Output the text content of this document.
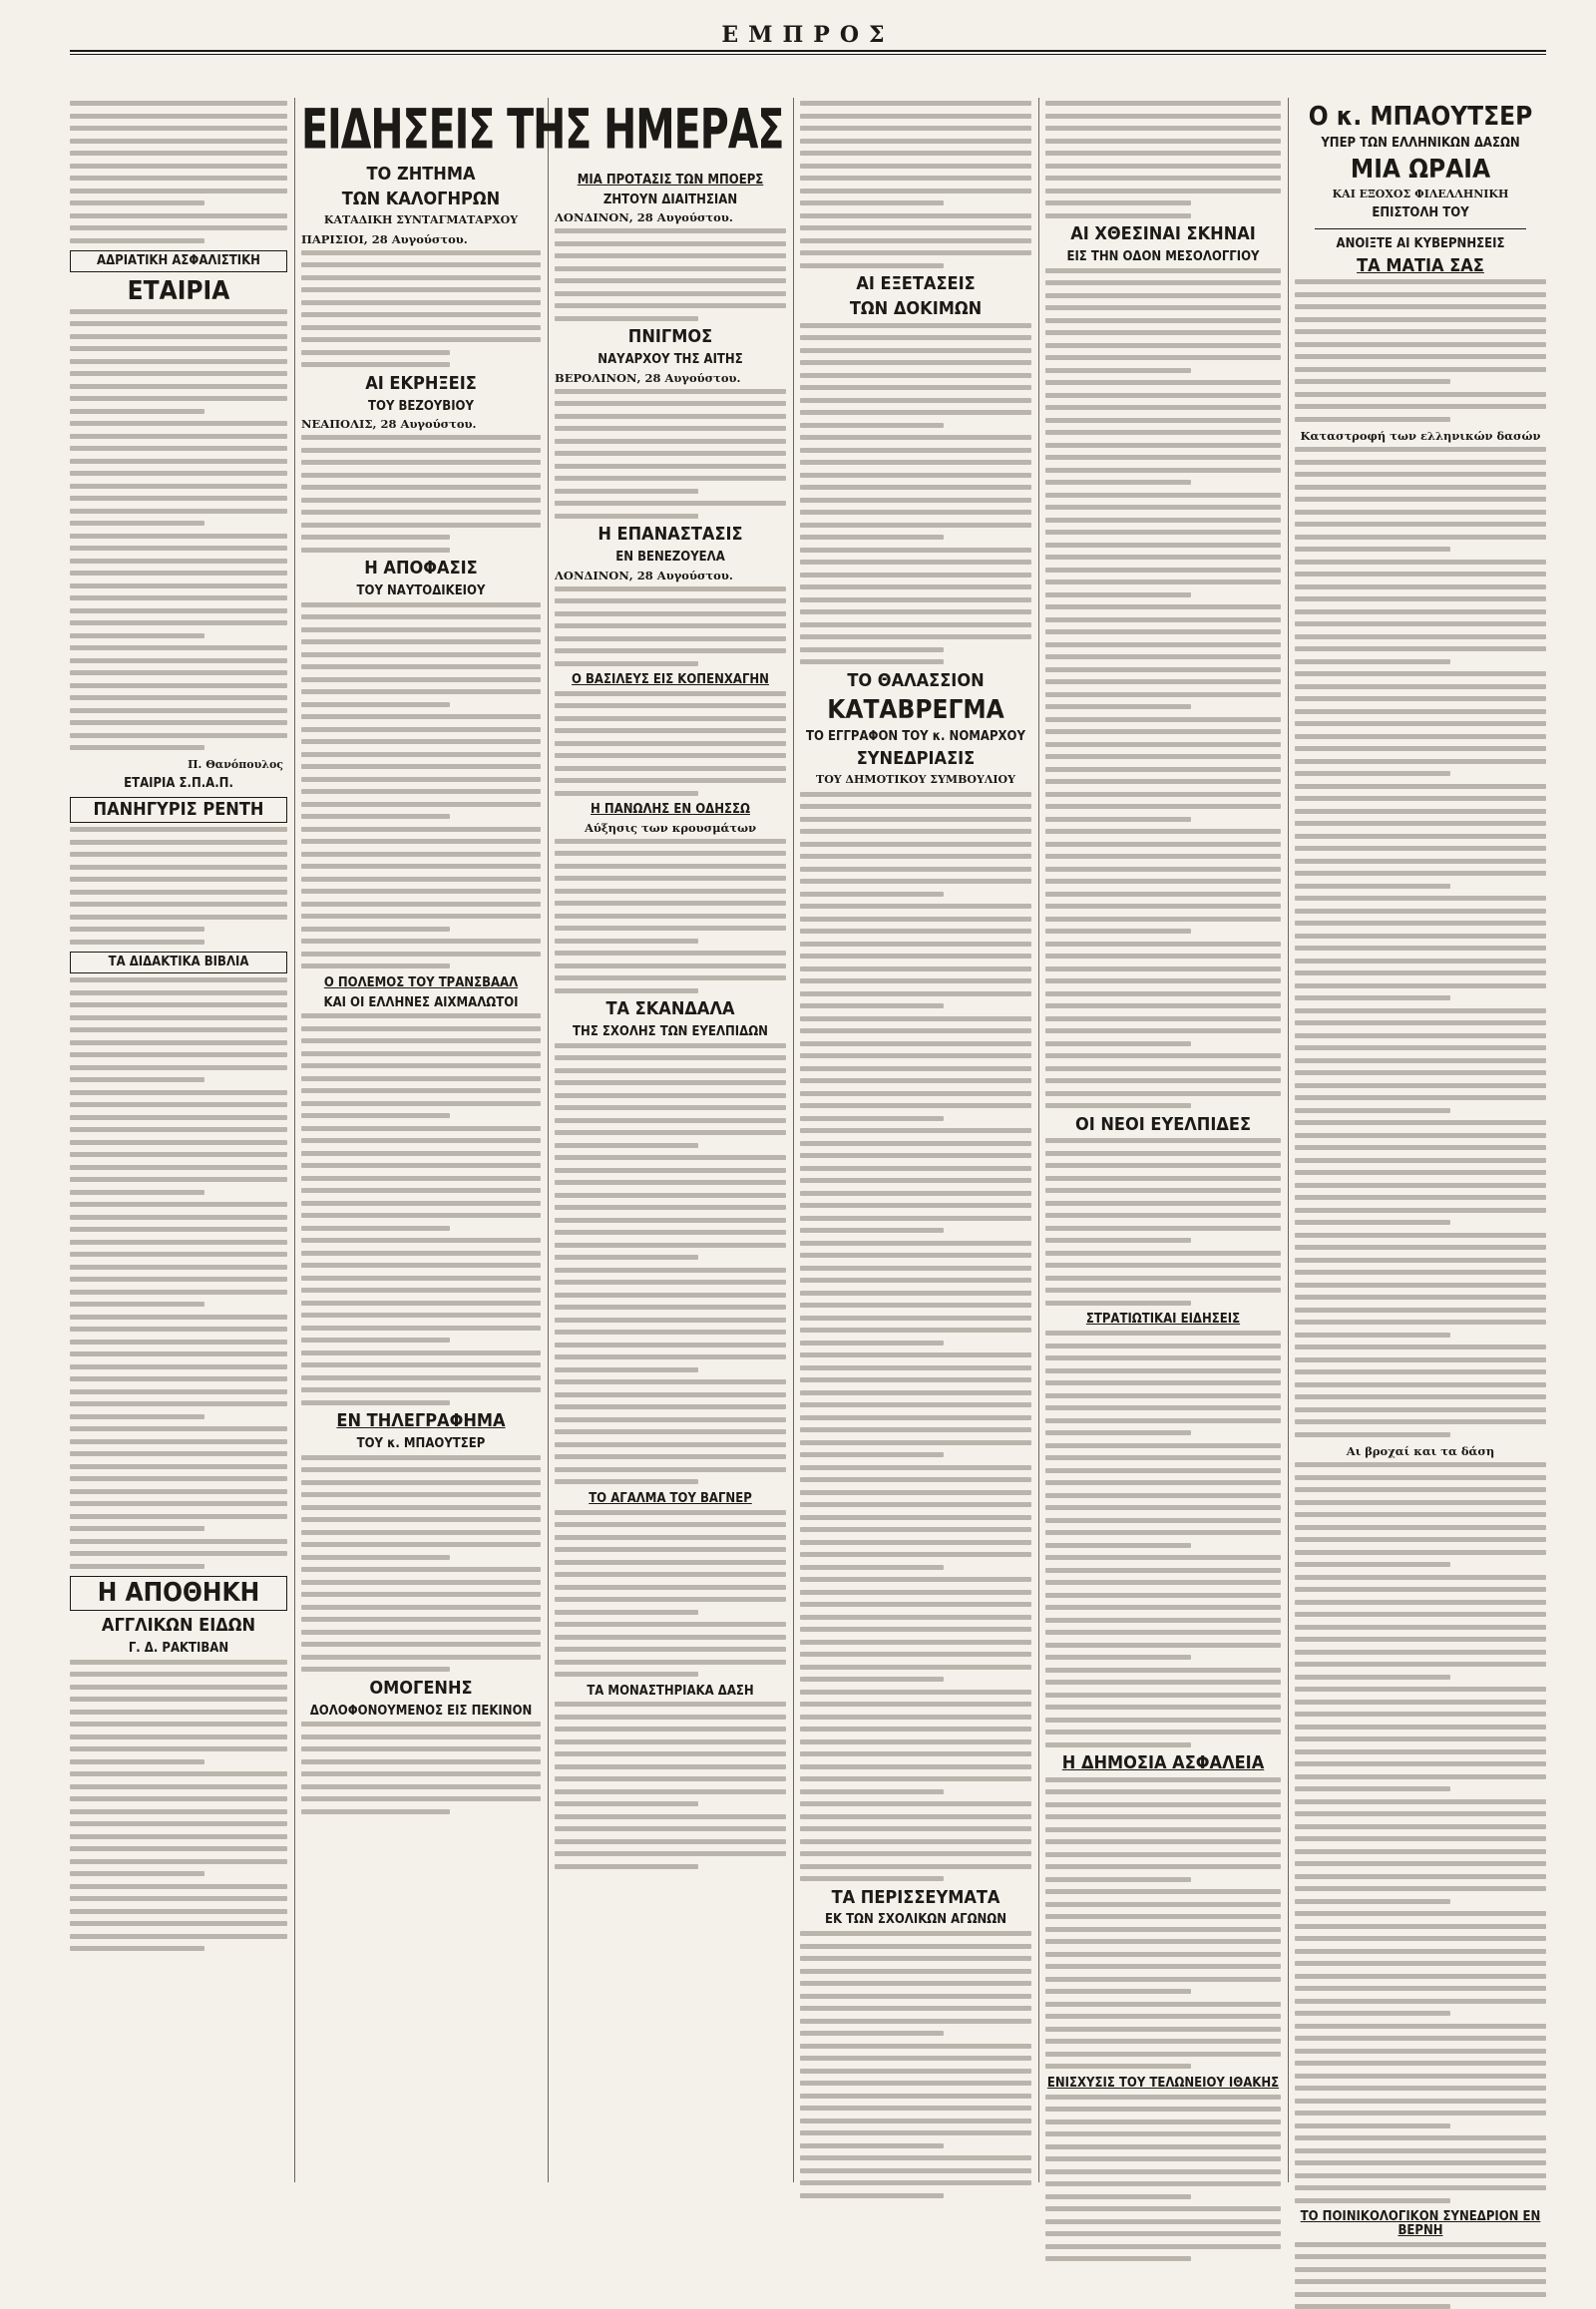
ΕΜΠΡΟΣ
ΑΔΡΙΑΤΙΚΗ ΑΣΦΑΛΙΣΤΙΚΗ
ΕΤΑΙΡΙΑ
Π. Θανόπουλος
ΕΤΑΙΡΙΑ Σ.Π.Α.Π.
ΠΑΝΗΓΥΡΙΣ ΡΕΝΤΗ
ΤΑ ΔΙΔΑΚΤΙΚΑ ΒΙΒΛΙΑ
Η ΑΠΟΘΗΚΗ
ΑΓΓΛΙΚΩΝ ΕΙΔΩΝ
Γ. Δ. ΡΑΚΤΙΒΑΝ
ΕΙΔΗΣΕΙΣ ΤΗΣ ΗΜΕΡΑΣ
ΤΟ ΖΗΤΗΜΑ
ΤΩΝ ΚΑΛΟΓΗΡΩΝ
ΚΑΤΑΔΙΚΗ ΣΥΝΤΑΓΜΑΤΑΡΧΟΥ
ΠΑΡΙΣΙΟΙ, 28 Αυγούστου.
ΑΙ ΕΚΡΗΞΕΙΣ
ΤΟΥ ΒΕΖΟΥΒΙΟΥ
ΝΕΑΠΟΛΙΣ, 28 Αυγούστου.
Η ΑΠΟΦΑΣΙΣ
ΤΟΥ ΝΑΥΤΟΔΙΚΕΙΟΥ
Ο ΠΟΛΕΜΟΣ ΤΟΥ ΤΡΑΝΣΒΑΑΛ
ΚΑΙ ΟΙ ΕΛΛΗΝΕΣ ΑΙΧΜΑΛΩΤΟΙ
ΕΝ ΤΗΛΕΓΡΑΦΗΜΑ
ΤΟΥ κ. ΜΠΑΟΥΤΣΕΡ
ΟΜΟΓΕΝΗΣ
ΔΟΛΟΦΟΝΟΥΜΕΝΟΣ ΕΙΣ ΠΕΚΙΝΟΝ
ΜΙΑ ΠΡΟΤΑΣΙΣ ΤΩΝ ΜΠΟΕΡΣ
ΖΗΤΟΥΝ ΔΙΑΙΤΗΣΙΑΝ
ΛΟΝΔΙΝΟΝ, 28 Αυγούστου.
ΠΝΙΓΜΟΣ
ΝΑΥΑΡΧΟΥ ΤΗΣ ΑΙΤΗΣ
ΒΕΡΟΛΙΝΟΝ, 28 Αυγούστου.
Η ΕΠΑΝΑΣΤΑΣΙΣ
ΕΝ ΒΕΝΕΖΟΥΕΛΑ
ΛΟΝΔΙΝΟΝ, 28 Αυγούστου.
Ο ΒΑΣΙΛΕΥΣ ΕΙΣ ΚΟΠΕΝΧΑΓΗΝ
Η ΠΑΝΩΛΗΣ ΕΝ ΟΔΗΣΣΩ
Αύξησις των κρουσμάτων
ΤΑ ΣΚΑΝΔΑΛΑ
ΤΗΣ ΣΧΟΛΗΣ ΤΩΝ ΕΥΕΛΠΙΔΩΝ
ΤΟ ΑΓΑΛΜΑ ΤΟΥ ΒΑΓΝΕΡ
ΤΑ ΜΟΝΑΣΤΗΡΙΑΚΑ ΔΑΣΗ
ΑΙ ΕΞΕΤΑΣΕΙΣ
ΤΩΝ ΔΟΚΙΜΩΝ
ΤΟ ΘΑΛΑΣΣΙΟΝ
ΚΑΤΑΒΡΕΓΜΑ
ΤΟ ΕΓΓΡΑΦΟΝ ΤΟΥ κ. ΝΟΜΑΡΧΟΥ
ΣΥΝΕΔΡΙΑΣΙΣ
ΤΟΥ ΔΗΜΟΤΙΚΟΥ ΣΥΜΒΟΥΛΙΟΥ
ΤΑ ΠΕΡΙΣΣΕΥΜΑΤΑ
ΕΚ ΤΩΝ ΣΧΟΛΙΚΩΝ ΑΓΩΝΩΝ
ΑΙ ΧΘΕΣΙΝΑΙ ΣΚΗΝΑΙ
ΕΙΣ ΤΗΝ ΟΔΟΝ ΜΕΣΟΛΟΓΓΙΟΥ
ΟΙ ΝΕΟΙ ΕΥΕΛΠΙΔΕΣ
ΣΤΡΑΤΙΩΤΙΚΑΙ ΕΙΔΗΣΕΙΣ
Η ΔΗΜΟΣΙΑ ΑΣΦΑΛΕΙΑ
ΕΝΙΣΧΥΣΙΣ ΤΟΥ ΤΕΛΩΝΕΙΟΥ ΙΘΑΚΗΣ
Ο κ. ΜΠΑΟΥΤΣΕΡ
ΥΠΕΡ ΤΩΝ ΕΛΛΗΝΙΚΩΝ ΔΑΣΩΝ
ΜΙΑ ΩΡΑΙΑ
ΚΑΙ ΕΞΟΧΟΣ ΦΙΛΕΛΛΗΝΙΚΗ
ΕΠΙΣΤΟΛΗ ΤΟΥ
ΑΝΟΙΞΤΕ ΑΙ ΚΥΒΕΡΝΗΣΕΙΣ
ΤΑ ΜΑΤΙΑ ΣΑΣ
Καταστροφή των ελληνικών δασών
Αι βροχαί και τα δάση
ΤΟ ΠΟΙΝΙΚΟΛΟΓΙΚΟΝ ΣΥΝΕΔΡΙΟΝ ΕΝ ΒΕΡΝΗ
